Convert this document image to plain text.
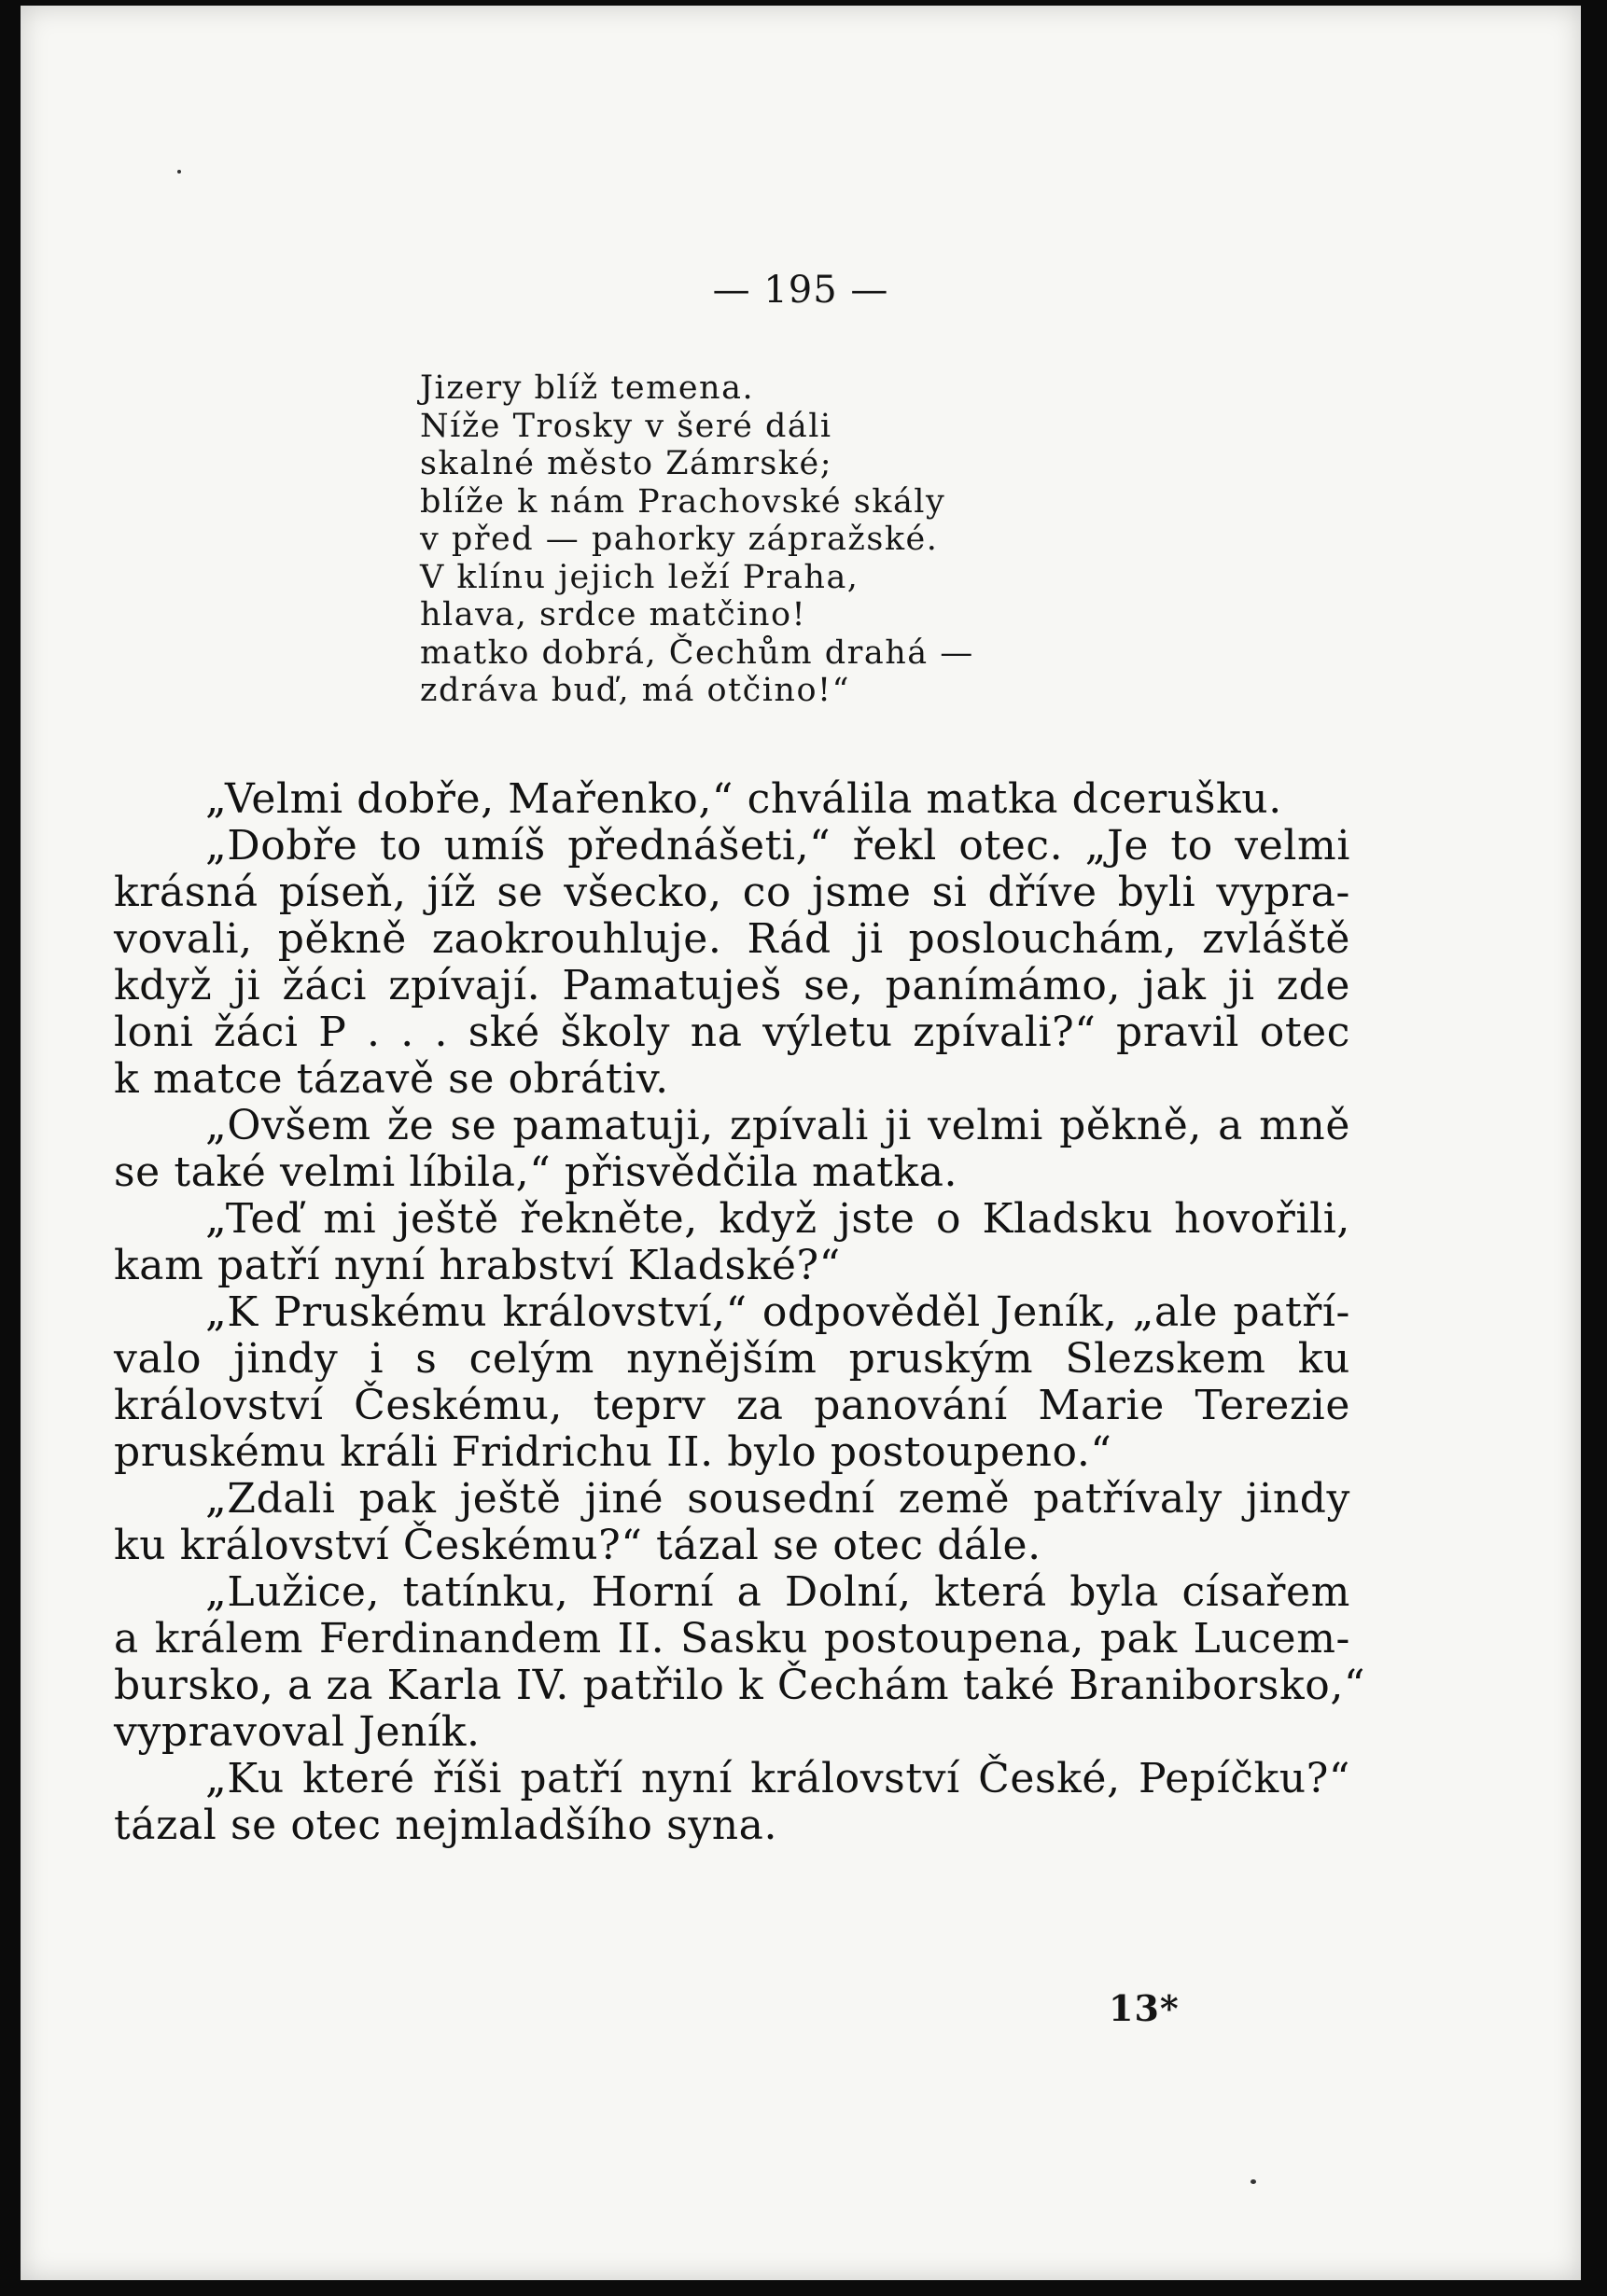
— 195 —
Jizery blíž temena.
Níže Trosky v šeré dáli
skalné město Zámrské;
blíže k nám Prachovské skály
v před — pahorky zápražské.
V klínu jejich leží Praha,
hlava, srdce matčino!
matko dobrá, Čechům drahá —
zdráva buď, má otčino!“
„Velmi dobře, Mařenko,“ chválila matka dcerušku.
„Dobře to umíš přednášeti,“ řekl otec. „Je to velmi
krásná píseň, jíž se všecko, co jsme si dříve byli vypra-
vovali, pěkně zaokrouhluje. Rád ji poslouchám, zvláště
když ji žáci zpívají. Pamatuješ se, panímámo, jak ji zde
loni žáci P . . . ské školy na výletu zpívali?“ pravil otec
k matce tázavě se obrátiv.
„Ovšem že se pamatuji, zpívali ji velmi pěkně, a mně
se také velmi líbila,“ přisvědčila matka.
„Teď mi ještě řekněte, když jste o Kladsku hovořili,
kam patří nyní hrabství Kladské?“
„K Pruskému království,“ odpověděl Jeník, „ale patří-
valo jindy i s celým nynějším pruským Slezskem ku
království Českému, teprv za panování Marie Terezie
pruskému králi Fridrichu II. bylo postoupeno.“
„Zdali pak ještě jiné sousední země patřívaly jindy
ku království Českému?“ tázal se otec dále.
„Lužice, tatínku, Horní a Dolní, která byla císařem
a králem Ferdinandem II. Sasku postoupena, pak Lucem-
bursko, a za Karla IV. patřilo k Čechám také Braniborsko,“
vypravoval Jeník.
„Ku které říši patří nyní království České, Pepíčku?“
tázal se otec nejmladšího syna.
13*
